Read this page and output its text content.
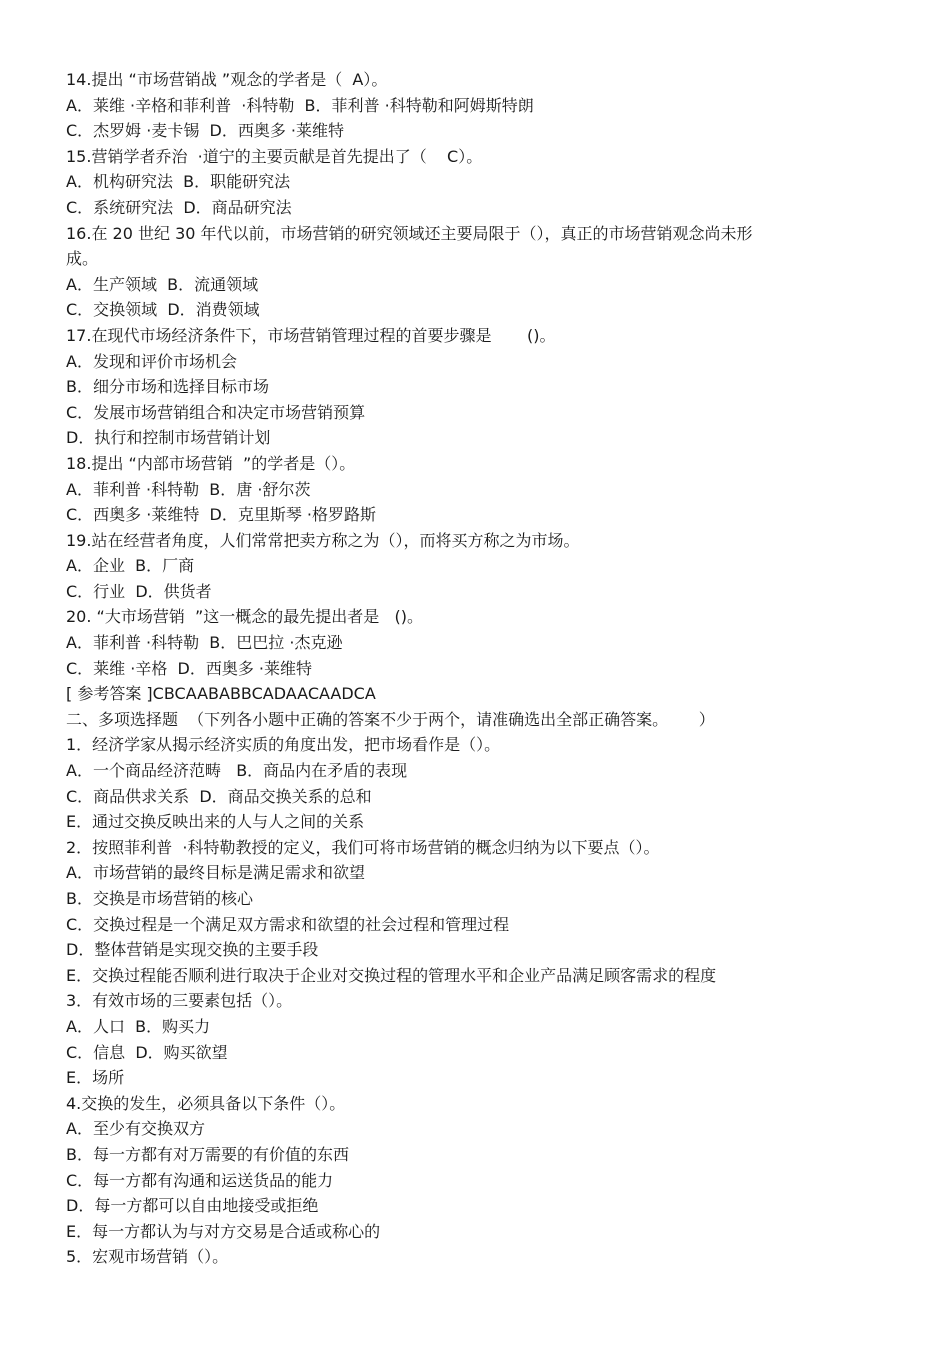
14.提出 “市场营销战 ”观念的学者是（  A）。
A．莱维 ·辛格和菲利普  ·科特勒  B．菲利普 ·科特勒和阿姆斯特朗
C．杰罗姆 ·麦卡锡  D．西奥多 ·莱维特
15.营销学者乔治  ·道宁的主要贡献是首先提出了（    C）。
A．机构研究法  B．职能研究法
C．系统研究法  D．商品研究法
16.在 20 世纪 30 年代以前，市场营销的研究领域还主要局限于（），真正的市场营销观念尚未形
成。
A．生产领域  B．流通领域
C．交换领域  D．消费领域
17.在现代市场经济条件下，市场营销管理过程的首要步骤是       ()。
A．发现和评价市场机会
B．细分市场和选择目标市场
C．发展市场营销组合和决定市场营销预算
D．执行和控制市场营销计划
18.提出 “内部市场营销  ”的学者是（）。
A．菲利普 ·科特勒  B．唐 ·舒尔茨
C．西奥多 ·莱维特  D．克里斯琴 ·格罗路斯
19.站在经营者角度，人们常常把卖方称之为（），而将买方称之为市场。
A．企业  B．厂商
C．行业  D．供货者
20. “大市场营销  ”这一概念的最先提出者是   ()。
A．菲利普 ·科特勒  B．巴巴拉 ·杰克逊
C．莱维 ·辛格  D．西奥多 ·莱维特
[ 参考答案 ]CBCAABABBCADAACAADCA
二、多项选择题  （下列各小题中正确的答案不少于两个，请准确选出全部正确答案。      ）
1．经济学家从揭示经济实质的角度出发，把市场看作是（）。
A．一个商品经济范畴   B．商品内在矛盾的表现
C．商品供求关系  D．商品交换关系的总和
E．通过交换反映出来的人与人之间的关系
2．按照菲利普  ·科特勒教授的定义，我们可将市场营销的概念归纳为以下要点（）。
A．市场营销的最终目标是满足需求和欲望
B．交换是市场营销的核心
C．交换过程是一个满足双方需求和欲望的社会过程和管理过程
D．整体营销是实现交换的主要手段
E．交换过程能否顺利进行取决于企业对交换过程的管理水平和企业产品满足顾客需求的程度
3．有效市场的三要素包括（）。
A．人口  B．购买力
C．信息  D．购买欲望
E．场所
4.交换的发生，必须具备以下条件（）。
A．至少有交换双方
B．每一方都有对万需要的有价值的东西
C．每一方都有沟通和运送货品的能力
D．每一方都可以自由地接受或拒绝
E．每一方都认为与对方交易是合适或称心的
5．宏观市场营销（）。
